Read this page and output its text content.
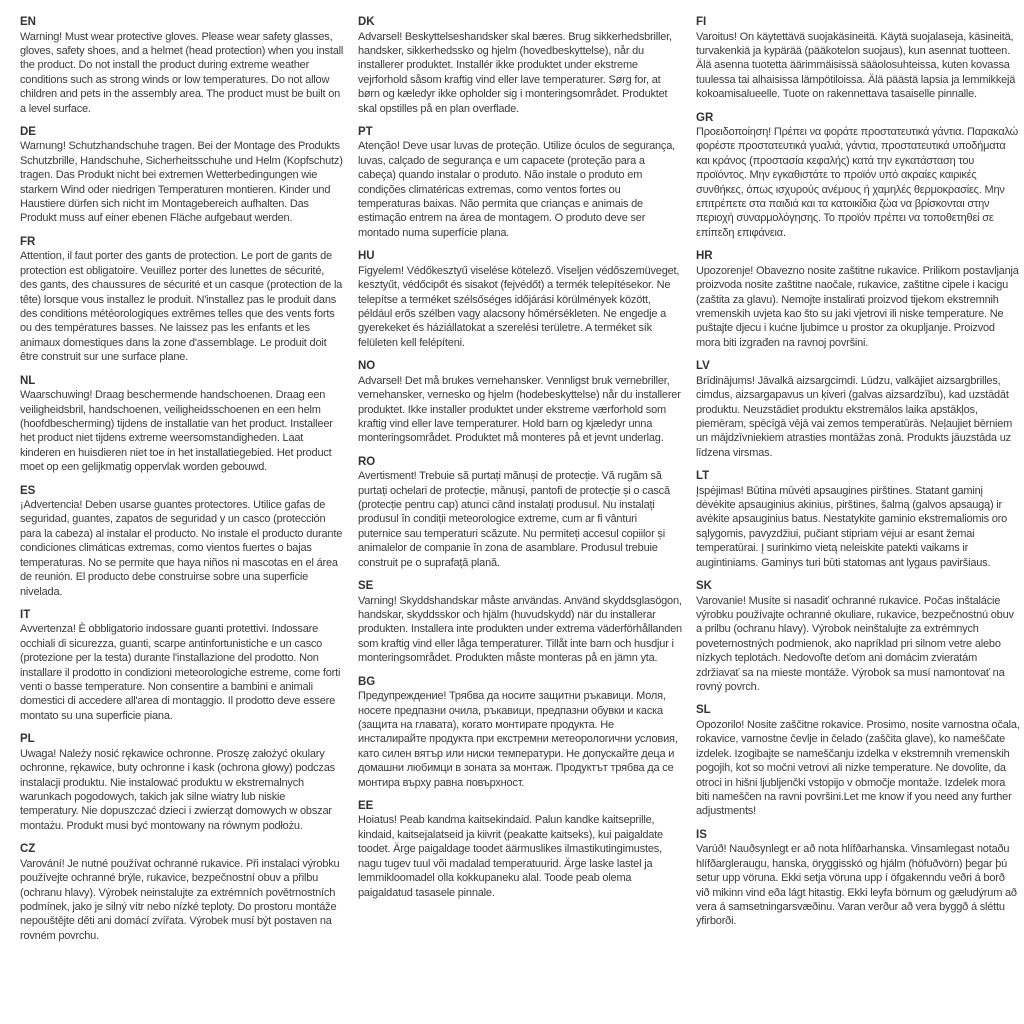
EN

Warning! Must wear protective gloves. Please wear safety glasses, gloves, safety shoes, and a helmet (head protection) when you install the product. Do not install the product during extreme weather conditions such as strong winds or low temperatures. Do not allow children and pets in the assembly area. The product must be built on a level surface.

DE

Warnung! Schutzhandschuhe tragen. Bei der Montage des Produkts Schutzbrille, Handschuhe, Sicherheitsschuhe und Helm (Kopfschutz) tragen. Das Produkt nicht bei extremen Wetterbedingungen wie starkem Wind oder niedrigen Temperaturen montieren. Kinder und Haustiere dürfen sich nicht im Montagebereich aufhalten. Das Produkt muss auf einer ebenen Fläche aufgebaut werden.

FR

Attention, il faut porter des gants de protection. Le port de gants de protection est obligatoire. Veuillez porter des lunettes de sécurité, des gants, des chaussures de sécurité et un casque (protection de la tête) lorsque vous installez le produit. N'installez pas le produit dans des conditions météorologiques extrêmes telles que des vents forts ou des températures basses. Ne laissez pas les enfants et les animaux domestiques dans la zone d'assemblage. Le produit doit être construit sur une surface plane.

NL

Waarschuwing! Draag beschermende handschoenen. Draag een veiligheidsbril, handschoenen, veiligheidsschoenen en een helm (hoofdbescherming) tijdens de installatie van het product. Installeer het product niet tijdens extreme weersomstandigheden. Laat kinderen en huisdieren niet toe in het installatiegebied. Het product moet op een gelijkmatig oppervlak worden gebouwd.

ES

¡Advertencia! Deben usarse guantes protectores. Utilice gafas de seguridad, guantes, zapatos de seguridad y un casco (protección para la cabeza) al instalar el producto. No instale el producto durante condiciones climáticas extremas, como vientos fuertes o bajas temperaturas. No se permite que haya niños ni mascotas en el área de reunión. El producto debe construirse sobre una superficie nivelada.

IT

Avvertenza! È obbligatorio indossare guanti protettivi. Indossare occhiali di sicurezza, guanti, scarpe antinfortunistiche e un casco (protezione per la testa) durante l'installazione del prodotto. Non installare il prodotto in condizioni meteorologiche estreme, come forti venti o basse temperature. Non consentire a bambini e animali domestici di accedere all'area di montaggio. Il prodotto deve essere montato su una superficie piana.

PL

Uwaga! Należy nosić rękawice ochronne. Proszę założyć okulary ochronne, rękawice, buty ochronne i kask (ochrona głowy) podczas instalacji produktu. Nie instalować produktu w ekstremalnych warunkach pogodowych, takich jak silne wiatry lub niskie temperatury. Nie dopuszczać dzieci i zwierząt domowych w obszar montażu. Produkt musi być montowany na równym podłożu.

CZ

Varování! Je nutné používat ochranné rukavice. Při instalaci výrobku používejte ochranné brýle, rukavice, bezpečnostní obuv a přilbu (ochranu hlavy). Výrobek neinstalujte za extrémních povětrnostních podmínek, jako je silný vítr nebo nízké teploty. Do prostoru montáže nepouštějte děti ani domácí zvířata. Výrobek musí být postaven na rovném povrchu.

DK

Advarsel! Beskyttelseshandsker skal bæres. Brug sikkerhedsbriller, handsker, sikkerhedssko og hjelm (hovedbeskyttelse), når du installerer produktet. Installér ikke produktet under ekstreme vejrforhold såsom kraftig vind eller lave temperaturer. Sørg for, at børn og kæledyr ikke opholder sig i monteringsområdet. Produktet skal opstilles på en plan overflade.

PT

Atenção! Deve usar luvas de proteção. Utilize óculos de segurança, luvas, calçado de segurança e um capacete (proteção para a cabeça) quando instalar o produto. Não instale o produto em condições climatéricas extremas, como ventos fortes ou temperaturas baixas. Não permita que crianças e animais de estimação entrem na área de montagem. O produto deve ser montado numa superfície plana.

HU

Figyelem! Védőkesztyű viselése kötelező. Viseljen védőszemüveget, kesztyűt, védőcipőt és sisakot (fejvédőt) a termék telepítésekor. Ne telepítse a terméket szélsőséges időjárási körülmények között, például erős szélben vagy alacsony hőmérsékleten. Ne engedje a gyerekeket és háziállatokat a szerelési területre. A terméket sík felületen kell felépíteni.

NO

Advarsel! Det må brukes vernehansker. Vennligst bruk vernebriller, vernehansker, vernesko og hjelm (hodebeskyttelse) når du installerer produktet. Ikke installer produktet under ekstreme værforhold som kraftig vind eller lave temperaturer. Hold barn og kjæledyr unna monteringsområdet. Produktet må monteres på et jevnt underlag.

RO

Avertisment! Trebuie să purtați mănuși de protecție. Vă rugăm să purtați ochelari de protecție, mănuși, pantofi de protecție și o cască (protecție pentru cap) atunci când instalați produsul. Nu instalați produsul în condiții meteorologice extreme, cum ar fi vânturi puternice sau temperaturi scăzute. Nu permiteți accesul copiilor și animalelor de companie în zona de asamblare. Produsul trebuie construit pe o suprafață plană.

SE

Varning! Skyddshandskar måste användas. Använd skyddsglasögon, handskar, skyddsskor och hjälm (huvudskydd) när du installerar produkten. Installera inte produkten under extrema väderförhållanden som kraftig vind eller låga temperaturer. Tillåt inte barn och husdjur i monteringsområdet. Produkten måste monteras på en jämn yta.

BG

Предупреждение! Трябва да носите защитни ръкавици. Моля, носете предпазни очила, ръкавици, предпазни обувки и каска (защита на главата), когато монтирате продукта. Не инсталирайте продукта при екстремни метеорологични условия, като силен вятър или ниски температури. Не допускайте деца и домашни любимци в зоната за монтаж. Продуктът трябва да се монтира върху равна повърхност.

EE

Hoiatus! Peab kandma kaitsekindaid. Palun kandke kaitseprille, kindaid, kaitsejalatseid ja kiivrit (peakatte kaitseks), kui paigaldate toodet. Ärge paigaldage toodet äärmuslikes ilmastikutingimustes, nagu tugev tuul või madalad temperatuurid. Ärge laske lastel ja lemmikloomadel olla kokkupaneku alal. Toode peab olema paigaldatud tasasele pinnale.

FI

Varoitus! On käytettävä suojakäsineitä. Käytä suojalaseja, käsineitä, turvakenkiä ja kypärää (pääkotelon suojaus), kun asennat tuotteen. Älä asenna tuotetta äärimmäisissä sääolosuhteissa, kuten kovassa tuulessa tai alhaisissa lämpötiloissa. Älä päästä lapsia ja lemmikkejä kokoamisalueelle. Tuote on rakennettava tasaiselle pinnalle.

GR

Προειδοποίηση! Πρέπει να φοράτε προστατευτικά γάντια. Παρακαλώ φορέστε προστατευτικά γυαλιά, γάντια, προστατευτικά υποδήματα και κράνος (προστασία κεφαλής) κατά την εγκατάσταση του προϊόντος. Μην εγκαθιστάτε το προϊόν υπό ακραίες καιρικές συνθήκες, όπως ισχυρούς ανέμους ή χαμηλές θερμοκρασίες. Μην επιτρέπετε στα παιδιά και τα κατοικίδια ζώα να βρίσκονται στην περιοχή συναρμολόγησης. Το προϊόν πρέπει να τοποθετηθεί σε επίπεδη επιφάνεια.

HR

Upozorenje! Obavezno nosite zaštitne rukavice. Prilikom postavljanja proizvoda nosite zaštitne naočale, rukavice, zaštitne cipele i kacigu (zaštita za glavu). Nemojte instalirati proizvod tijekom ekstremnih vremenskih uvjeta kao što su jaki vjetrovi ili niske temperature. Ne puštajte djecu i kućne ljubimce u prostor za okupljanje. Proizvod mora biti izgrađen na ravnoj površini.

LV

Brīdinājums! Jāvalkā aizsargcimdi. Lūdzu, valkājiet aizsargbrilles, cimdus, aizsargapavus un ķiveri (galvas aizsardzību), kad uzstādāt produktu. Neuzstādiet produktu ekstremālos laika apstākļos, piemēram, spēcīgā vējā vai zemos temperatūrās. Neļaujiet bērniem un mājdzīvniekiem atrasties montāžas zonā. Produkts jāuzstāda uz līdzena virsmas.

LT

Įspėjimas! Būtina mūvėti apsaugines pirštines. Statant gaminį dėvėkite apsauginius akinius, pirštines, šalmą (galvos apsaugą) ir avėkite apsauginius batus. Nestatykite gaminio ekstremaliomis oro sąlygomis, pavyzdžiui, pučiant stipriam vėjui ar esant žemai temperatūrai. Į surinkimo vietą neleiskite patekti vaikams ir augintiniams. Gaminys turi būti statomas ant lygaus paviršiaus.

SK

Varovanie! Musíte si nasadiť ochranné rukavice. Počas inštalácie výrobku používajte ochranné okuliare, rukavice, bezpečnostnú obuv a prilbu (ochranu hlavy). Výrobok neinštalujte za extrémnych poveternostných podmienok, ako napríklad pri silnom vetre alebo nízkych teplotách. Nedovoľte deťom ani domácim zvieratám zdržiavať sa na mieste montáže. Výrobok sa musí namontovať na rovný povrch.

SL

Opozorilo! Nosite zaščitne rokavice. Prosimo, nosite varnostna očala, rokavice, varnostne čevlje in čelado (zaščita glave), ko nameščate izdelek. Izogibajte se nameščanju izdelka v ekstremnih vremenskih pogojih, kot so močni vetrovi ali nizke temperature. Ne dovolite, da otroci in hišni ljubljenčki vstopijo v območje montaže. Izdelek mora biti nameščen na ravni površini.Let me know if you need any further adjustments!

IS

Varúð! Nauðsynlegt er að nota hlífðarhanska. Vinsamlegast notaðu hlífðargleraugu, hanska, öryggisskó og hjálm (höfuðvörn) þegar þú setur upp vöruna. Ekki setja vöruna upp í öfgakenndu veðri á borð við mikinn vind eða lágt hitastig. Ekki leyfa börnum og gæludýrum að vera á samsetningarsvæðinu. Varan verður að vera byggð á sléttu yfirborði.
